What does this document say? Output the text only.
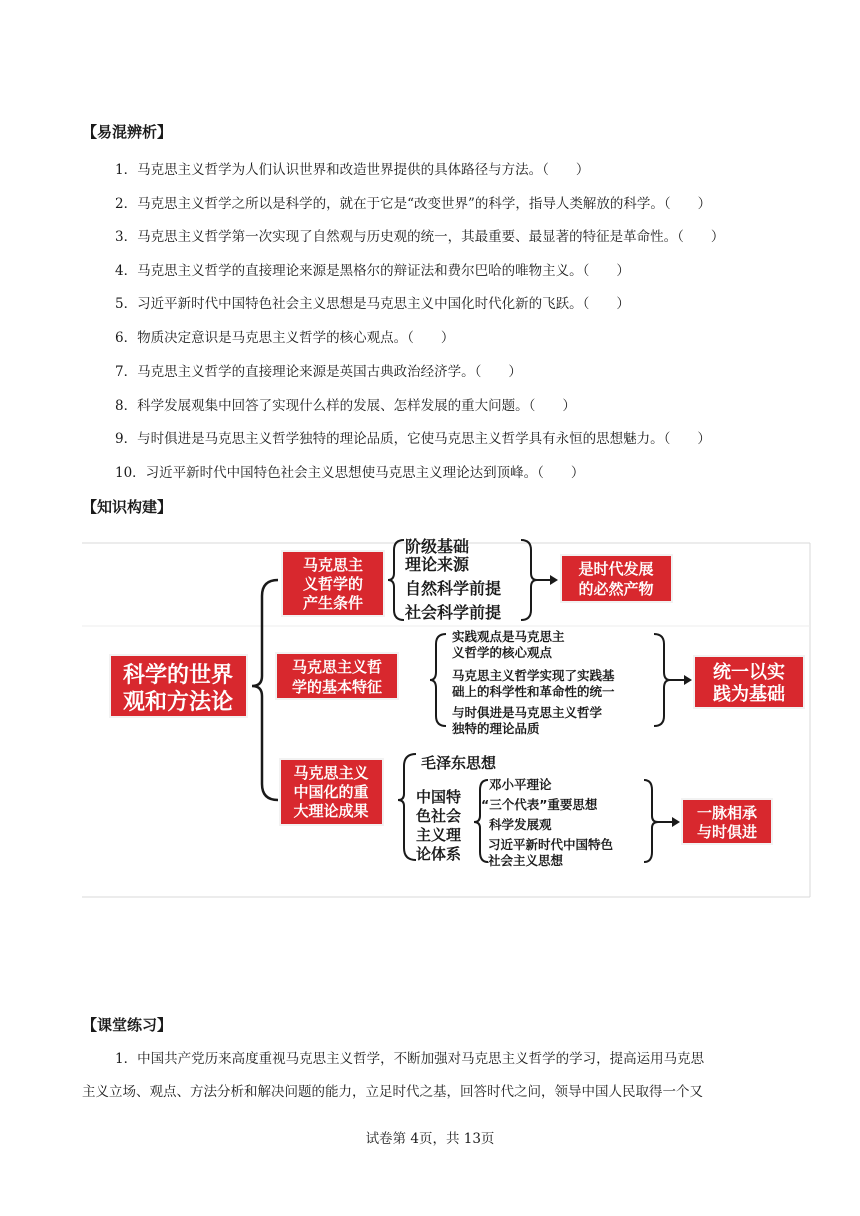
【易混辨析】
1．马克思主义哲学为人们认识世界和改造世界提供的具体路径与方法。（　　）
2．马克思主义哲学之所以是科学的，就在于它是“改变世界”的科学，指导人类解放的科学。（　　）
3．马克思主义哲学第一次实现了自然观与历史观的统一，其最重要、最显著的特征是革命性。（　　）
4．马克思主义哲学的直接理论来源是黑格尔的辩证法和费尔巴哈的唯物主义。（　　）
5．习近平新时代中国特色社会主义思想是马克思主义中国化时代化新的飞跃。（　　）
6．物质决定意识是马克思主义哲学的核心观点。（　　）
7．马克思主义哲学的直接理论来源是英国古典政治经济学。（　　）
8．科学发展观集中回答了实现什么样的发展、怎样发展的重大问题。（　　）
9．与时俱进是马克思主义哲学独特的理论品质，它使马克思主义哲学具有永恒的思想魅力。（　　）
10．习近平新时代中国特色社会主义思想使马克思主义理论达到顶峰。（　　）
【知识构建】
科学的世界
观和方法论
马克思主
义哲学的
产生条件
阶级基础
理论来源
自然科学前提
社会科学前提
是时代发展
的必然产物
马克思主义哲
学的基本特征
实践观点是马克思主
义哲学的核心观点
马克思主义哲学实现了实践基
础上的科学性和革命性的统一
与时俱进是马克思主义哲学
独特的理论品质
统一以实
践为基础
马克思主义
中国化的重
大理论成果
毛泽东思想
中国特
色社会
主义理
论体系
邓小平理论
“三个代表”重要思想
科学发展观
习近平新时代中国特色
社会主义思想
一脉相承
与时俱进
【课堂练习】
1．中国共产党历来高度重视马克思主义哲学，不断加强对马克思主义哲学的学习，提高运用马克思
主义立场、观点、方法分析和解决问题的能力，立足时代之基，回答时代之问，领导中国人民取得一个又
试卷第 4页，共 13页
